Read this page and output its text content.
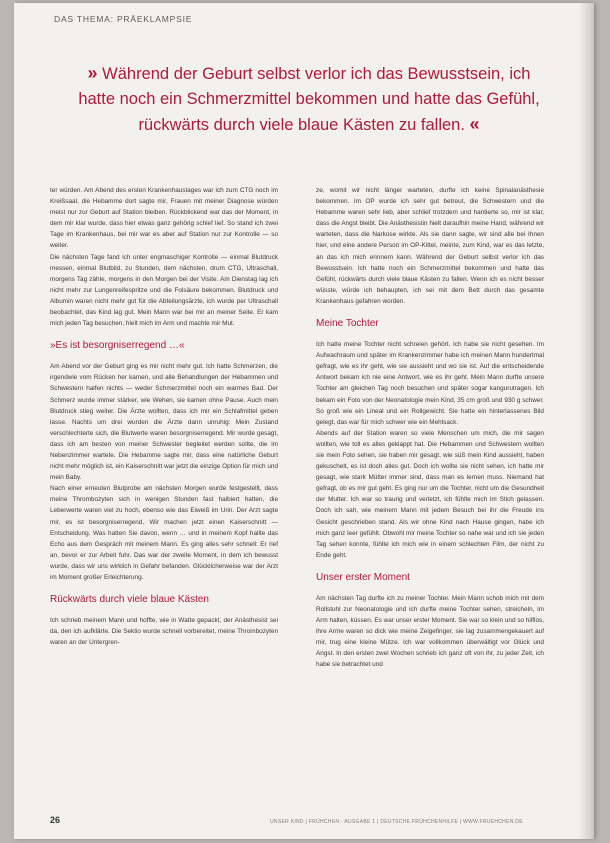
DAS THEMA: PRÄEKLAMPSIE
» Während der Geburt selbst verlor ich das Bewusstsein, ich hatte noch ein Schmerzmittel bekommen und hatte das Gefühl, rückwärts durch viele blaue Kästen zu fallen. «

ter würden. Am Abend des ersten Krankenhaustages war ich zum CTG noch im Kreißsaal, die Hebamme dort sagte mir, Frauen mit meiner Diagnose würden meist nur zur Geburt auf Station bleiben. Rückblickend war das der Moment, in dem mir klar wurde, dass hier etwas ganz gehörig schief lief. So stand ich zwei Tage im Krankenhaus, bei mir war es aber auf Station nur zur Kontrolle — so weiter.

Die nächsten Tage fand ich unter engmaschiger Kontrolle — einmal Blutdruck messen, einmal Blutbild, zu Stunden, dem nächsten, drum CTG, Ultraschall, morgens Tag zähle, morgens in den Morgen bei der Visite. Am Dienstag lag ich nicht mehr zur Lungenreifespritze und die Folsäure bekommen. Blutdruck und Albumin waren nicht mehr gut für die Abteilungsärzte, ich wurde per Ultraschall beobachtet, das Kind lag gut. Mein Mann war bei mir an meiner Seite. Er kam mich jeden Tag besuchen, hielt mich im Arm und machte mir Mut.

»Es ist besorgniserregend …«

Am Abend vor der Geburt ging es mir nicht mehr gut. Ich hatte Schmerzen, die irgendwie vom Rücken her kamen, und alle Behandlungen der Hebammen und Schwestern halfen nichts — weder Schmerzmittel noch ein warmes Bad. Der Schmerz wurde immer stärker, wie Wehen, sie kamen ohne Pause. Auch mein Blutdruck stieg weiter. Die Ärzte wollten, dass ich mir ein Schlafmittel geben lasse. Nachts um drei wurden die Ärzte dann unruhig: Mein Zustand verschlechterte sich, die Blutwerte waren besorgniserregend. Mir wurde gesagt, dass ich am besten von meiner Schwester begleitet werden sollte, die im Nebenzimmer wartete. Die Hebamme sagte mir, dass eine natürliche Geburt nicht mehr möglich ist, ein Kaiserschnitt war jetzt die einzige Option für mich und mein Baby.

Nach einer erneuten Blutprobe am nächsten Morgen wurde festgestellt, dass meine Thrombozyten sich in wenigen Stunden fast halbiert hatten, die Leberwerte waren viel zu hoch, ebenso wie das Eiweiß im Urin. Der Arzt sagte mir, es ist besorgniserregend. Wir machen jetzt einen Kaiserschnitt — Entscheidung. Was hatten Sie davon, wenn … und in meinem Kopf hallte das Echo aus dem Gespräch mit meinem Mann. Es ging alles sehr schnell: Er rief an, bevor er zur Arbeit fuhr. Das war der zweite Moment, in dem ich bewusst wurde, dass wir uns wirklich in Gefahr befanden. Glücklicherweise war der Arzt im Moment großer Erleichterung.

Rückwärts durch viele blaue Kästen

Ich schrieb meinem Mann und hoffte, wie in Watte gepackt, der Anästhesist sei da, den ich aufklärte. Die Sektio wurde schnell vorbereitet, meine Thrombozyten waren an der Untergren-

ze, womit wir nicht länger warteten, durfte ich keine Spinalanästhesie bekommen. Im OP wurde ich sehr gut betreut, die Schwestern und die Hebamme waren sehr lieb, aber schlief trotzdem und hantierte so, mir ist klar, dass die Angst bleibt. Die Anästhesistin hielt daraufhin meine Hand, während wir warteten, dass die Narkose wirkte. Als sie dann sagte, wir sind alle bei Ihnen hier, und eine andere Person im OP-Kittel, meinte, zum Kind, war es das letzte, an das ich mich erinnern kann. Während der Geburt selbst verlor ich das Bewusstsein. Ich hatte noch ein Schmerzmittel bekommen und hatte das Gefühl, rückwärts durch viele blaue Kästen zu fallen. Wenn ich es nicht besser wüsste, würde ich behaupten, ich sei mit dem Bett durch das gesamte Krankenhaus gefahren worden.

Meine Tochter

Ich hatte meine Tochter nicht schreien gehört. Ich habe sie nicht gesehen. Im Aufwachraum und später im Krankenzimmer habe ich meinen Mann hundertmal gefragt, wie es ihr geht, wie sie aussieht und wo sie ist. Auf die entscheidende Antwort bekam ich nie eine Antwort, wie es ihr geht. Mein Mann durfte unsere Tochter am gleichen Tag noch besuchen und später sogar kangurutragen. Ich bekam ein Foto von der Neonatologie mein Kind, 35 cm groß und 930 g schwer. So groß wie ein Lineal und ein Rollgewicht. Sie hatte ein hinterlassenes Bild gelegt, das war für mich schwer wie ein Mehlsack.

Abends auf der Station waren so viele Menschen um mich, die mir sagen wollten, wie toll es alles geklappt hat. Die Hebammen und Schwestern wollten sie mein Foto sehen, sie haben mir gesagt, wie süß mein Kind aussieht, haben gekuschelt, es ist doch alles gut. Doch ich wollte sie nicht sehen, ich hatte mir gesagt, wie stark Mütter immer sind, dass man es lernen muss. Niemand hat gefragt, ob es mir gut geht. Es ging nur um die Tochter, nicht um die Gesundheit der Mutter. Ich war so traurig und verletzt, ich fühlte mich im Stich gelassen. Doch ich sah, wie meinem Mann mit jedem Besuch bei ihr die Freude ins Gesicht geschrieben stand. Als wir ohne Kind nach Hause gingen, habe ich mich ganz leer gefühlt. Obwohl mir meine Tochter so nahe war und ich sie jeden Tag sehen konnte, fühlte ich mich wie in einem schlechten Film, der nicht zu Ende geht.

Unser erster Moment

Am nächsten Tag durfte ich zu meiner Tochter. Mein Mann schob mich mit dem Rollstuhl zur Neonatologie und ich durfte meine Tochter sehen, streicheln, im Arm halten, küssen. Es war unser erster Moment. Sie war so klein und so hilflos, ihre Arme waren so dick wie meine Zeigefinger, sie lag zusammengekauert auf mir, trug eine kleine Mütze. Ich war vollkommen überwältigt vor Glück und Angst. In den ersten zwei Wochen schrieb ich ganz oft von ihr, zu jeder Zeit, ich habe sie betrachtet und

26	UNSER KIND | FRÜHCHEN · AUSGABE 1 | DEUTSCHE FRÜHCHENHILFE | WWW.FRUEHCHEN.DE
